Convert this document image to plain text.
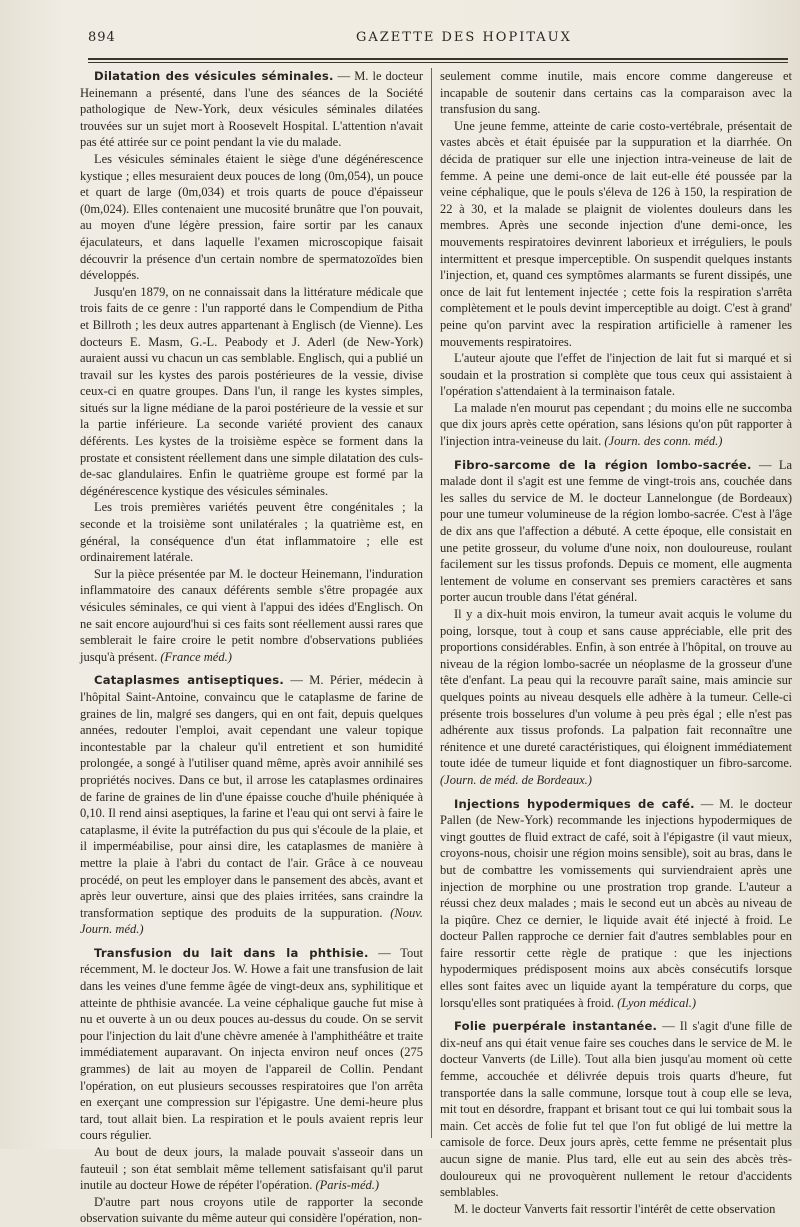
894	GAZETTE DES HOPITAUX

Dilatation des vésicules séminales. — M. le docteur Heinemann a présenté, dans l'une des séances de la Société pathologique de New-York, deux vésicules séminales dilatées trouvées sur un sujet mort à Roosevelt Hospital. L'attention n'avait pas été attirée sur ce point pendant la vie du malade.

Les vésicules séminales étaient le siège d'une dégénérescence kystique ; elles mesuraient deux pouces de long (0m,054), un pouce et quart de large (0m,034) et trois quarts de pouce d'épaisseur (0m,024). Elles contenaient une mucosité brunâtre que l'on pouvait, au moyen d'une légère pression, faire sortir par les canaux éjaculateurs, et dans laquelle l'examen microscopique faisait découvrir la présence d'un certain nombre de spermatozoïdes bien développés.

Jusqu'en 1879, on ne connaissait dans la littérature médicale que trois faits de ce genre : l'un rapporté dans le Compendium de Pitha et Billroth ; les deux autres appartenant à Englisch (de Vienne). Les docteurs E. Masm, G.-L. Peabody et J. Aderl (de New-York) auraient aussi vu chacun un cas semblable. Englisch, qui a publié un travail sur les kystes des parois postérieures de la vessie, divise ceux-ci en quatre groupes. Dans l'un, il range les kystes simples, situés sur la ligne médiane de la paroi postérieure de la vessie et sur la partie inférieure. La seconde variété provient des canaux déférents. Les kystes de la troisième espèce se forment dans la prostate et consistent réellement dans une simple dilatation des culs-de-sac glandulaires. Enfin le quatrième groupe est formé par la dégénérescence kystique des vésicules séminales.

Les trois premières variétés peuvent être congénitales ; la seconde et la troisième sont unilatérales ; la quatrième est, en général, la conséquence d'un état inflammatoire ; elle est ordinairement latérale.

Sur la pièce présentée par M. le docteur Heinemann, l'induration inflammatoire des canaux déférents semble s'être propagée aux vésicules séminales, ce qui vient à l'appui des idées d'Englisch. On ne sait encore aujourd'hui si ces faits sont réellement aussi rares que semblerait le faire croire le petit nombre d'observations publiées jusqu'à présent. (France méd.)

Cataplasmes antiseptiques. — M. Périer, médecin à l'hôpital Saint-Antoine, convaincu que le cataplasme de farine de graines de lin, malgré ses dangers, qui en ont fait, depuis quelques années, redouter l'emploi, avait cependant une valeur topique incontestable par la chaleur qu'il entretient et son humidité prolongée, a songé à l'utiliser quand même, après avoir annihilé ses propriétés nocives. Dans ce but, il arrose les cataplasmes ordinaires de farine de graines de lin d'une épaisse couche d'huile phéniquée à 0,10. Il rend ainsi aseptiques, la farine et l'eau qui ont servi à faire le cataplasme, il évite la putréfaction du pus qui s'écoule de la plaie, et il imperméabilise, pour ainsi dire, les cataplasmes de manière à mettre la plaie à l'abri du contact de l'air. Grâce à ce nouveau procédé, on peut les employer dans le pansement des abcès, avant et après leur ouverture, ainsi que des plaies irritées, sans craindre la transformation septique des produits de la suppuration. (Nouv. Journ. méd.)

Transfusion du lait dans la phthisie. — Tout récemment, M. le docteur Jos. W. Howe a fait une transfusion de lait dans les veines d'une femme âgée de vingt-deux ans, syphilitique et atteinte de phthisie avancée. La veine céphalique gauche fut mise à nu et ouverte à un ou deux pouces au-dessus du coude. On se servit pour l'injection du lait d'une chèvre amenée à l'amphithéâtre et traite immédiatement auparavant. On injecta environ neuf onces (275 grammes) de lait au moyen de l'appareil de Collin. Pendant l'opération, on eut plusieurs secousses respiratoires que l'on arrêta en exerçant une compression sur l'épigastre. Une demi-heure plus tard, tout allait bien. La respiration et le pouls avaient repris leur cours régulier.

Au bout de deux jours, la malade pouvait s'asseoir dans un fauteuil ; son état semblait même tellement satisfaisant qu'il parut inutile au docteur Howe de répéter l'opération. (Paris-méd.)

D'autre part nous croyons utile de rapporter la seconde observation suivante du même auteur qui considère l'opération, non-

seulement comme inutile, mais encore comme dangereuse et incapable de soutenir dans certains cas la comparaison avec la transfusion du sang.

Une jeune femme, atteinte de carie costo-vertébrale, présentait de vastes abcès et était épuisée par la suppuration et la diarrhée. On décida de pratiquer sur elle une injection intra-veineuse de lait de femme. A peine une demi-once de lait eut-elle été poussée par la veine céphalique, que le pouls s'éleva de 126 à 150, la respiration de 22 à 30, et la malade se plaignit de violentes douleurs dans les membres. Après une seconde injection d'une demi-once, les mouvements respiratoires devinrent laborieux et irréguliers, le pouls intermittent et presque imperceptible. On suspendit quelques instants l'injection, et, quand ces symptômes alarmants se furent dissipés, une once de lait fut lentement injectée ; cette fois la respiration s'arrêta complètement et le pouls devint imperceptible au doigt. C'est à grand' peine qu'on parvint avec la respiration artificielle à ramener les mouvements respiratoires.

L'auteur ajoute que l'effet de l'injection de lait fut si marqué et si soudain et la prostration si complète que tous ceux qui assistaient à l'opération s'attendaient à la terminaison fatale.

La malade n'en mourut pas cependant ; du moins elle ne succomba que dix jours après cette opération, sans lésions qu'on pût rapporter à l'injection intra-veineuse du lait. (Journ. des conn. méd.)

Fibro-sarcome de la région lombo-sacrée. — La malade dont il s'agit est une femme de vingt-trois ans, couchée dans les salles du service de M. le docteur Lannelongue (de Bordeaux) pour une tumeur volumineuse de la région lombo-sacrée. C'est à l'âge de dix ans que l'affection a débuté. A cette époque, elle consistait en une petite grosseur, du volume d'une noix, non douloureuse, roulant facilement sur les tissus profonds. Depuis ce moment, elle augmenta lentement de volume en conservant ses premiers caractères et sans porter aucun trouble dans l'état général.

Il y a dix-huit mois environ, la tumeur avait acquis le volume du poing, lorsque, tout à coup et sans cause appréciable, elle prit des proportions considérables. Enfin, à son entrée à l'hôpital, on trouve au niveau de la région lombo-sacrée un néoplasme de la grosseur d'une tête d'enfant. La peau qui la recouvre paraît saine, mais amincie sur quelques points au niveau desquels elle adhère à la tumeur. Celle-ci présente trois bosselures d'un volume à peu près égal ; elle n'est pas adhérente aux tissus profonds. La palpation fait reconnaître une rénitence et une dureté caractéristiques, qui éloignent immédiatement toute idée de tumeur liquide et font diagnostiquer un fibro-sarcome. (Journ. de méd. de Bordeaux.)

Injections hypodermiques de café. — M. le docteur Pallen (de New-York) recommande les injections hypodermiques de vingt gouttes de fluid extract de café, soit à l'épigastre (il vaut mieux, croyons-nous, choisir une région moins sensible), soit au bras, dans le but de combattre les vomissements qui surviendraient après une injection de morphine ou une prostration trop grande. L'auteur a réussi chez deux malades ; mais le second eut un abcès au niveau de la piqûre. Chez ce dernier, le liquide avait été injecté à froid. Le docteur Pallen rapproche ce dernier fait d'autres semblables pour en faire ressortir cette règle de pratique : que les injections hypodermiques prédisposent moins aux abcès consécutifs lorsque elles sont faites avec un liquide ayant la température du corps, que lorsqu'elles sont pratiquées à froid. (Lyon médical.)

Folie puerpérale instantanée. — Il s'agit d'une fille de dix-neuf ans qui était venue faire ses couches dans le service de M. le docteur Vanverts (de Lille). Tout alla bien jusqu'au moment où cette femme, accouchée et délivrée depuis trois quarts d'heure, fut transportée dans la salle commune, lorsque tout à coup elle se leva, mit tout en désordre, frappant et brisant tout ce qui lui tombait sous la main. Cet accès de folie fut tel que l'on fut obligé de lui mettre la camisole de force. Deux jours après, cette femme ne présentait plus aucun signe de manie. Plus tard, elle eut au sein des abcès très-douloureux qui ne provoquèrent nullement le retour d'accidents semblables.

M. le docteur Vanverts fait ressortir l'intérêt de cette observation
